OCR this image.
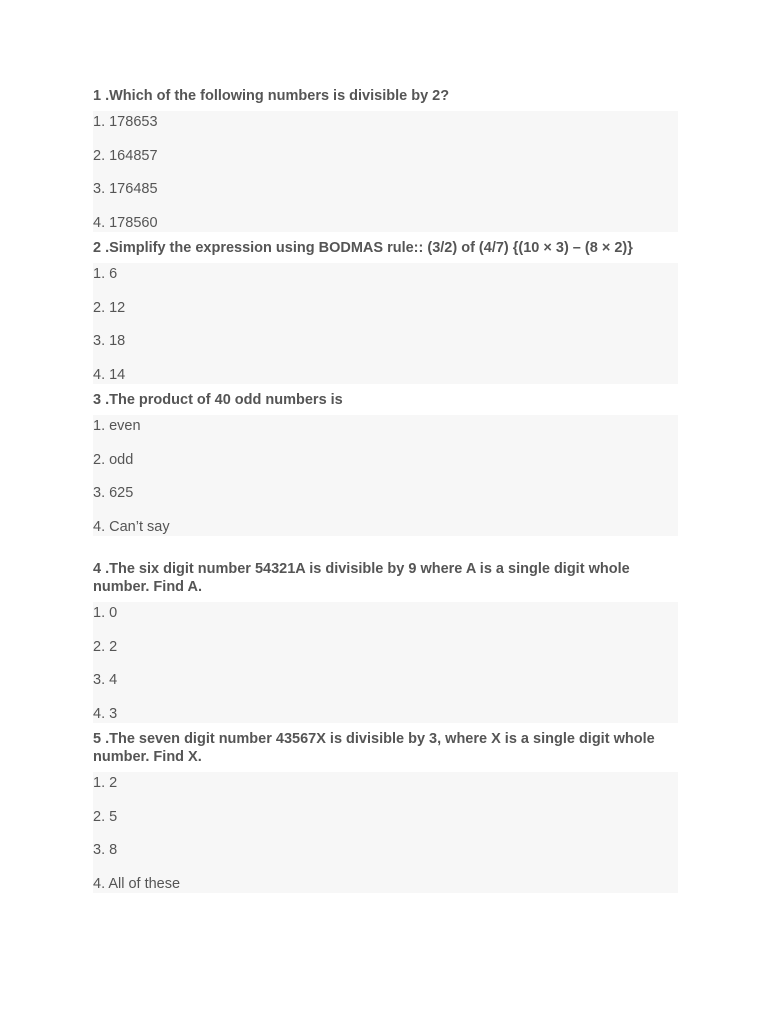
1 .Which of the following numbers is divisible by 2?
1. 178653
2. 164857
3. 176485
4. 178560
2 .Simplify the expression using BODMAS rule:: (3/2) of (4/7) {(10 × 3) – (8 × 2)}
1. 6
2. 12
3. 18
4. 14
3 .The product of 40 odd numbers is
1. even
2. odd
3. 625
4. Can’t say
4 .The six digit number 54321A is divisible by 9 where A is a single digit whole number. Find A.
1. 0
2. 2
3. 4
4. 3
5 .The seven digit number 43567X is divisible by 3, where X is a single digit whole number. Find X.
1. 2
2. 5
3. 8
4. All of these
